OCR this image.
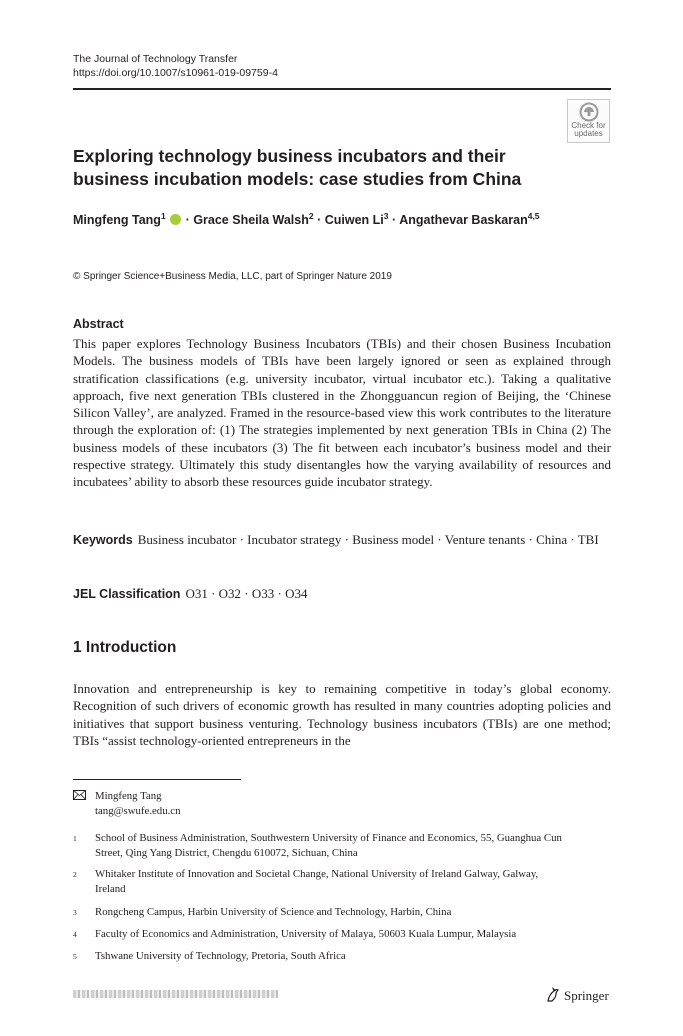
The Journal of Technology Transfer
https://doi.org/10.1007/s10961-019-09759-4
Check for
updates
Exploring technology business incubators and their business incubation models: case studies from China
Mingfeng Tang$^1$ · Grace Sheila Walsh$^2$ · Cuiwen $Li^3$ · Angathevar Baskaran$^{4,5}$
© Springer Science+Business Media, LLC, part of Springer Nature 2019
Abstract
This paper explores Technology Business Incubators (TBIs) and their chosen Business Incubation Models. The business models of TBIs have been largely ignored or seen as explained through stratification classifications (e.g. university incubator, virtual incubator etc.). Taking a qualitative approach, five next generation TBIs clustered in the Zhongguancun region of Beijing, the ‘Chinese Silicon Valley’, are analyzed. Framed in the resource-based view this work contributes to the literature through the exploration of: (1) The strategies implemented by next generation TBIs in China (2) The business models of these incubators (3) The fit between each incubator’s business model and their respective strategy. Ultimately this study disentangles how the varying availability of resources and incubatees’ ability to absorb these resources guide incubator strategy.
Keywords Business incubator · Incubator strategy · Business model · Venture tenants · China · TBI
JEL Classification O31 · O32 · O33 · O34
1 Introduction
Innovation and entrepreneurship is key to remaining competitive in today’s global economy. Recognition of such drivers of economic growth has resulted in many countries adopting policies and initiatives that support business venturing. Technology business incubators (TBIs) are one method; TBIs “assist technology-oriented entrepreneurs in the
Mingfeng Tang
tang@swufe.edu.cn
1 School of Business Administration, Southwestern University of Finance and Economics, 55, Guanghua Cun Street, Qing Yang District, Chengdu 610072, Sichuan, China
2 Whitaker Institute of Innovation and Societal Change, National University of Ireland Galway, Galway, Ireland
3 Rongcheng Campus, Harbin University of Science and Technology, Harbin, China
4 Faculty of Economics and Administration, University of Malaya, 50603 Kuala Lumpur, Malaysia
5 Tshwane University of Technology, Pretoria, South Africa
Springer
